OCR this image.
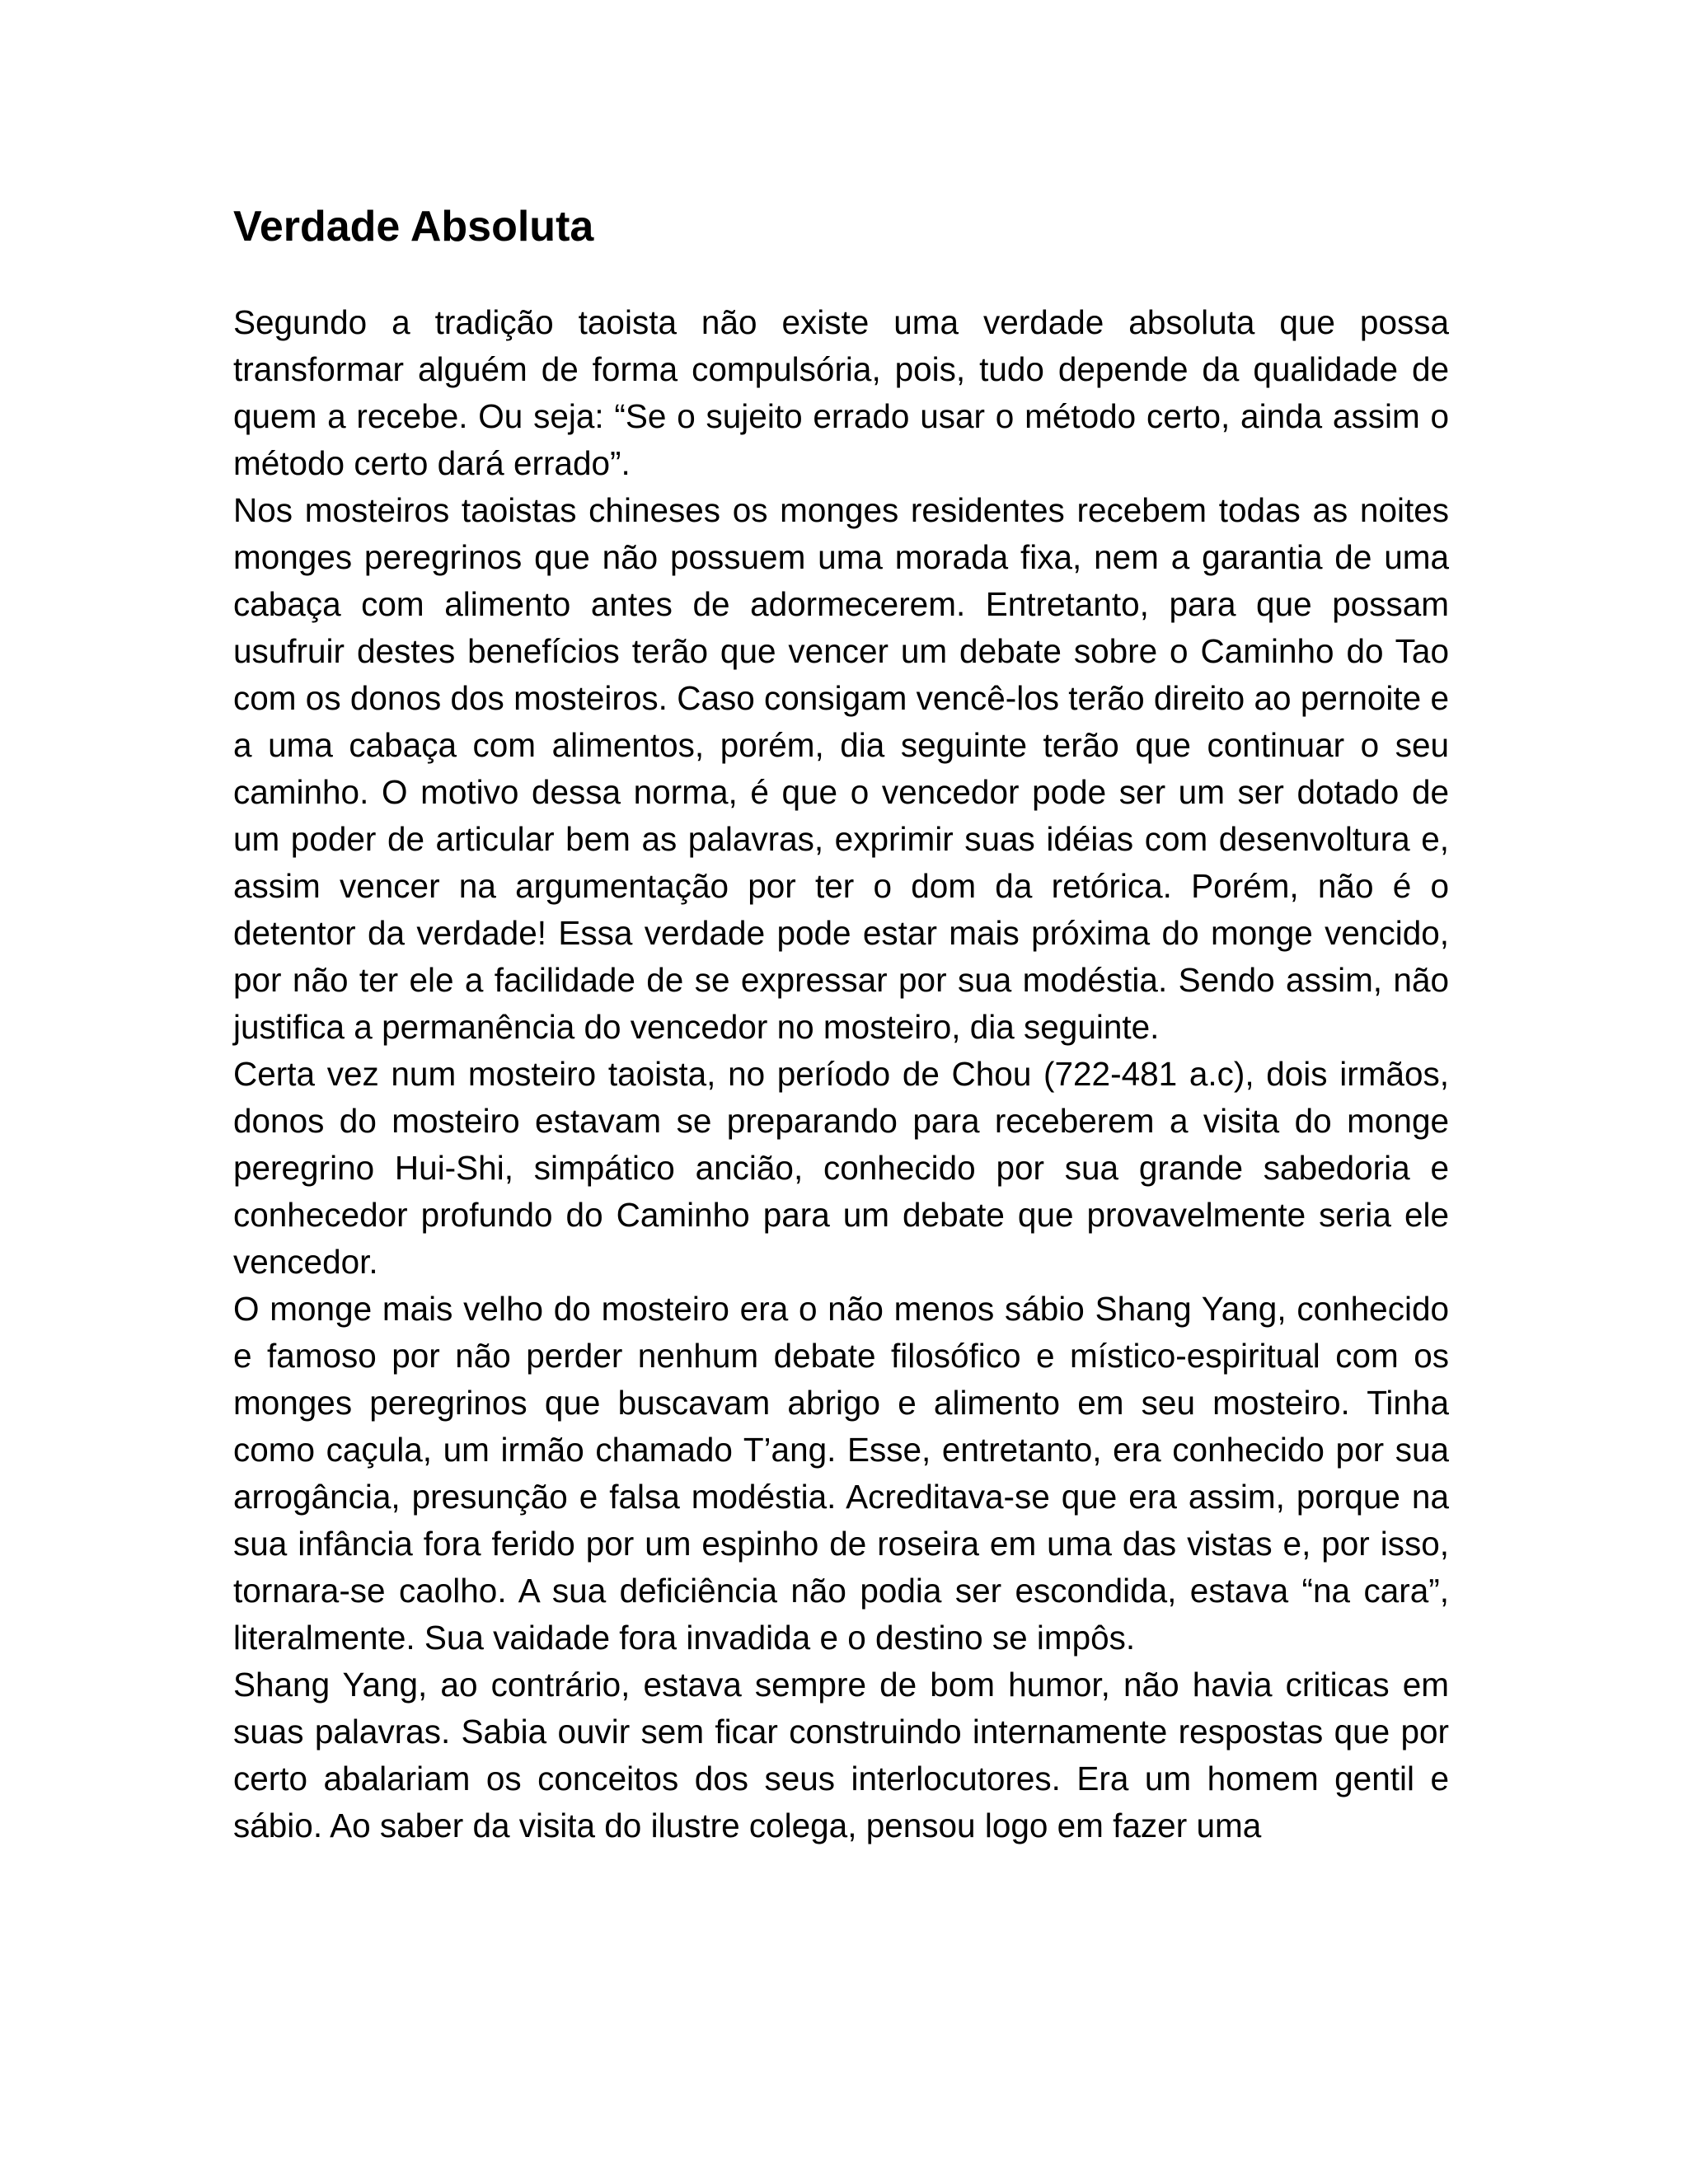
Verdade Absoluta

Segundo a tradição taoista não existe uma verdade absoluta que possa transformar alguém de forma compulsória, pois, tudo depende da qualidade de quem a recebe. Ou seja: “Se o sujeito errado usar o método certo, ainda assim o método certo dará errado”.

Nos mosteiros taoistas chineses os monges residentes recebem todas as noites monges peregrinos que não possuem uma morada fixa, nem a garantia de uma cabaça com alimento antes de adormecerem. Entretanto, para que possam usufruir destes benefícios terão que vencer um debate sobre o Caminho do Tao com os donos dos mosteiros. Caso consigam vencê-los terão direito ao pernoite e a uma cabaça com alimentos, porém, dia seguinte terão que continuar o seu caminho. O motivo dessa norma, é que o vencedor pode ser um ser dotado de um poder de articular bem as palavras, exprimir suas idéias com desenvoltura e, assim vencer na argumentação por ter o dom da retórica. Porém, não é o detentor da verdade! Essa verdade pode estar mais próxima do monge vencido, por não ter ele a facilidade de se expressar por sua modéstia. Sendo assim, não justifica a permanência do vencedor no mosteiro, dia seguinte.

Certa vez num mosteiro taoista, no período de Chou (722-481 a.c), dois irmãos, donos do mosteiro estavam se preparando para receberem a visita do monge peregrino Hui-Shi, simpático ancião, conhecido por sua grande sabedoria e conhecedor profundo do Caminho para um debate que provavelmente seria ele vencedor.

O monge mais velho do mosteiro era o não menos sábio Shang Yang, conhecido e famoso por não perder nenhum debate filosófico e místico-espiritual com os monges peregrinos que buscavam abrigo e alimento em seu mosteiro. Tinha como caçula, um irmão chamado T’ang. Esse, entretanto, era conhecido por sua arrogância, presunção e falsa modéstia. Acreditava-se que era assim, porque na sua infância fora ferido por um espinho de roseira em uma das vistas e, por isso, tornara-se caolho. A sua deficiência não podia ser escondida, estava “na cara”, literalmente. Sua vaidade fora invadida e o destino se impôs.

Shang Yang, ao contrário, estava sempre de bom humor, não havia criticas em suas palavras. Sabia ouvir sem ficar construindo internamente respostas que por certo abalariam os conceitos dos seus interlocutores. Era um homem gentil e sábio. Ao saber da visita do ilustre colega, pensou logo em fazer uma
